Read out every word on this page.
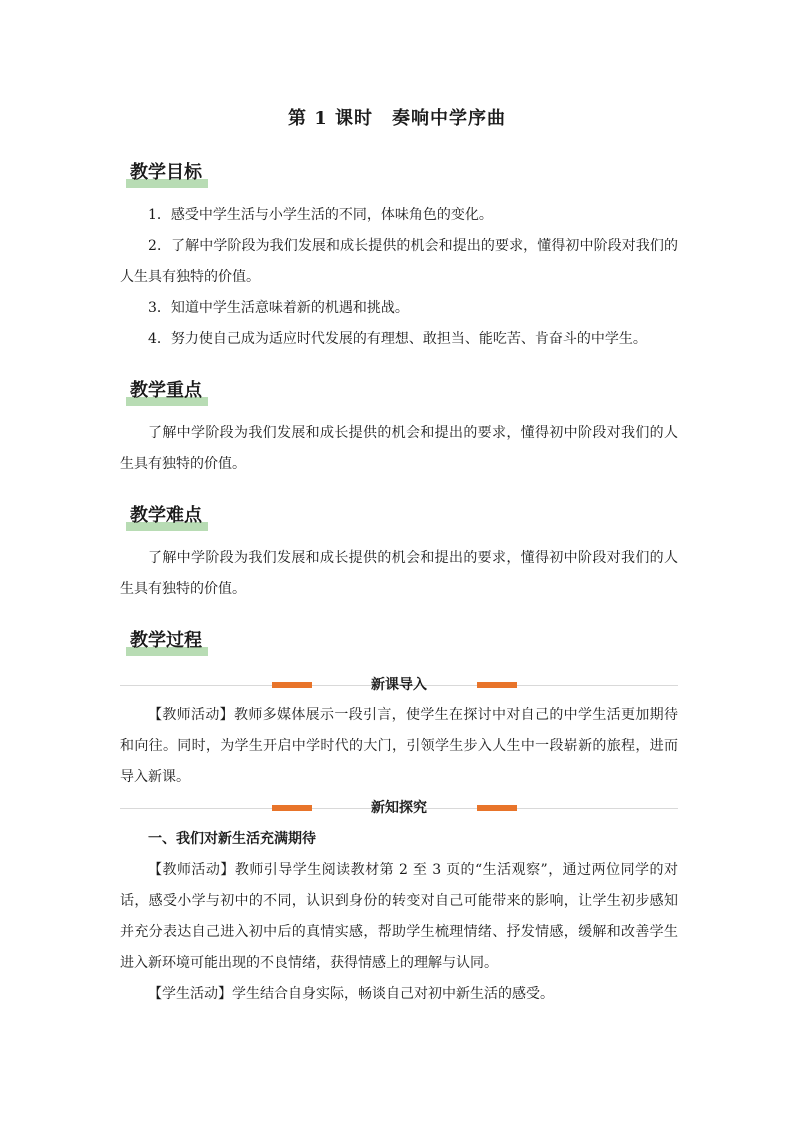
第 1 课时　奏响中学序曲
教学目标

1．感受中学生活与小学生活的不同，体味角色的变化。

2．了解中学阶段为我们发展和成长提供的机会和提出的要求，懂得初中阶段对我们的人生具有独特的价值。

3．知道中学生活意味着新的机遇和挑战。

4．努力使自己成为适应时代发展的有理想、敢担当、能吃苦、肯奋斗的中学生。

教学重点

了解中学阶段为我们发展和成长提供的机会和提出的要求，懂得初中阶段对我们的人生具有独特的价值。

教学难点

了解中学阶段为我们发展和成长提供的机会和提出的要求，懂得初中阶段对我们的人生具有独特的价值。

教学过程
新课导入

【教师活动】教师多媒体展示一段引言，使学生在探讨中对自己的中学生活更加期待和向往。同时，为学生开启中学时代的大门，引领学生步入人生中一段崭新的旅程，进而导入新课。

新知探究

一、我们对新生活充满期待

【教师活动】教师引导学生阅读教材第 2 至 3 页的“生活观察”，通过两位同学的对话，感受小学与初中的不同，认识到身份的转变对自己可能带来的影响，让学生初步感知并充分表达自己进入初中后的真情实感，帮助学生梳理情绪、抒发情感，缓解和改善学生进入新环境可能出现的不良情绪，获得情感上的理解与认同。

【学生活动】学生结合自身实际，畅谈自己对初中新生活的感受。
